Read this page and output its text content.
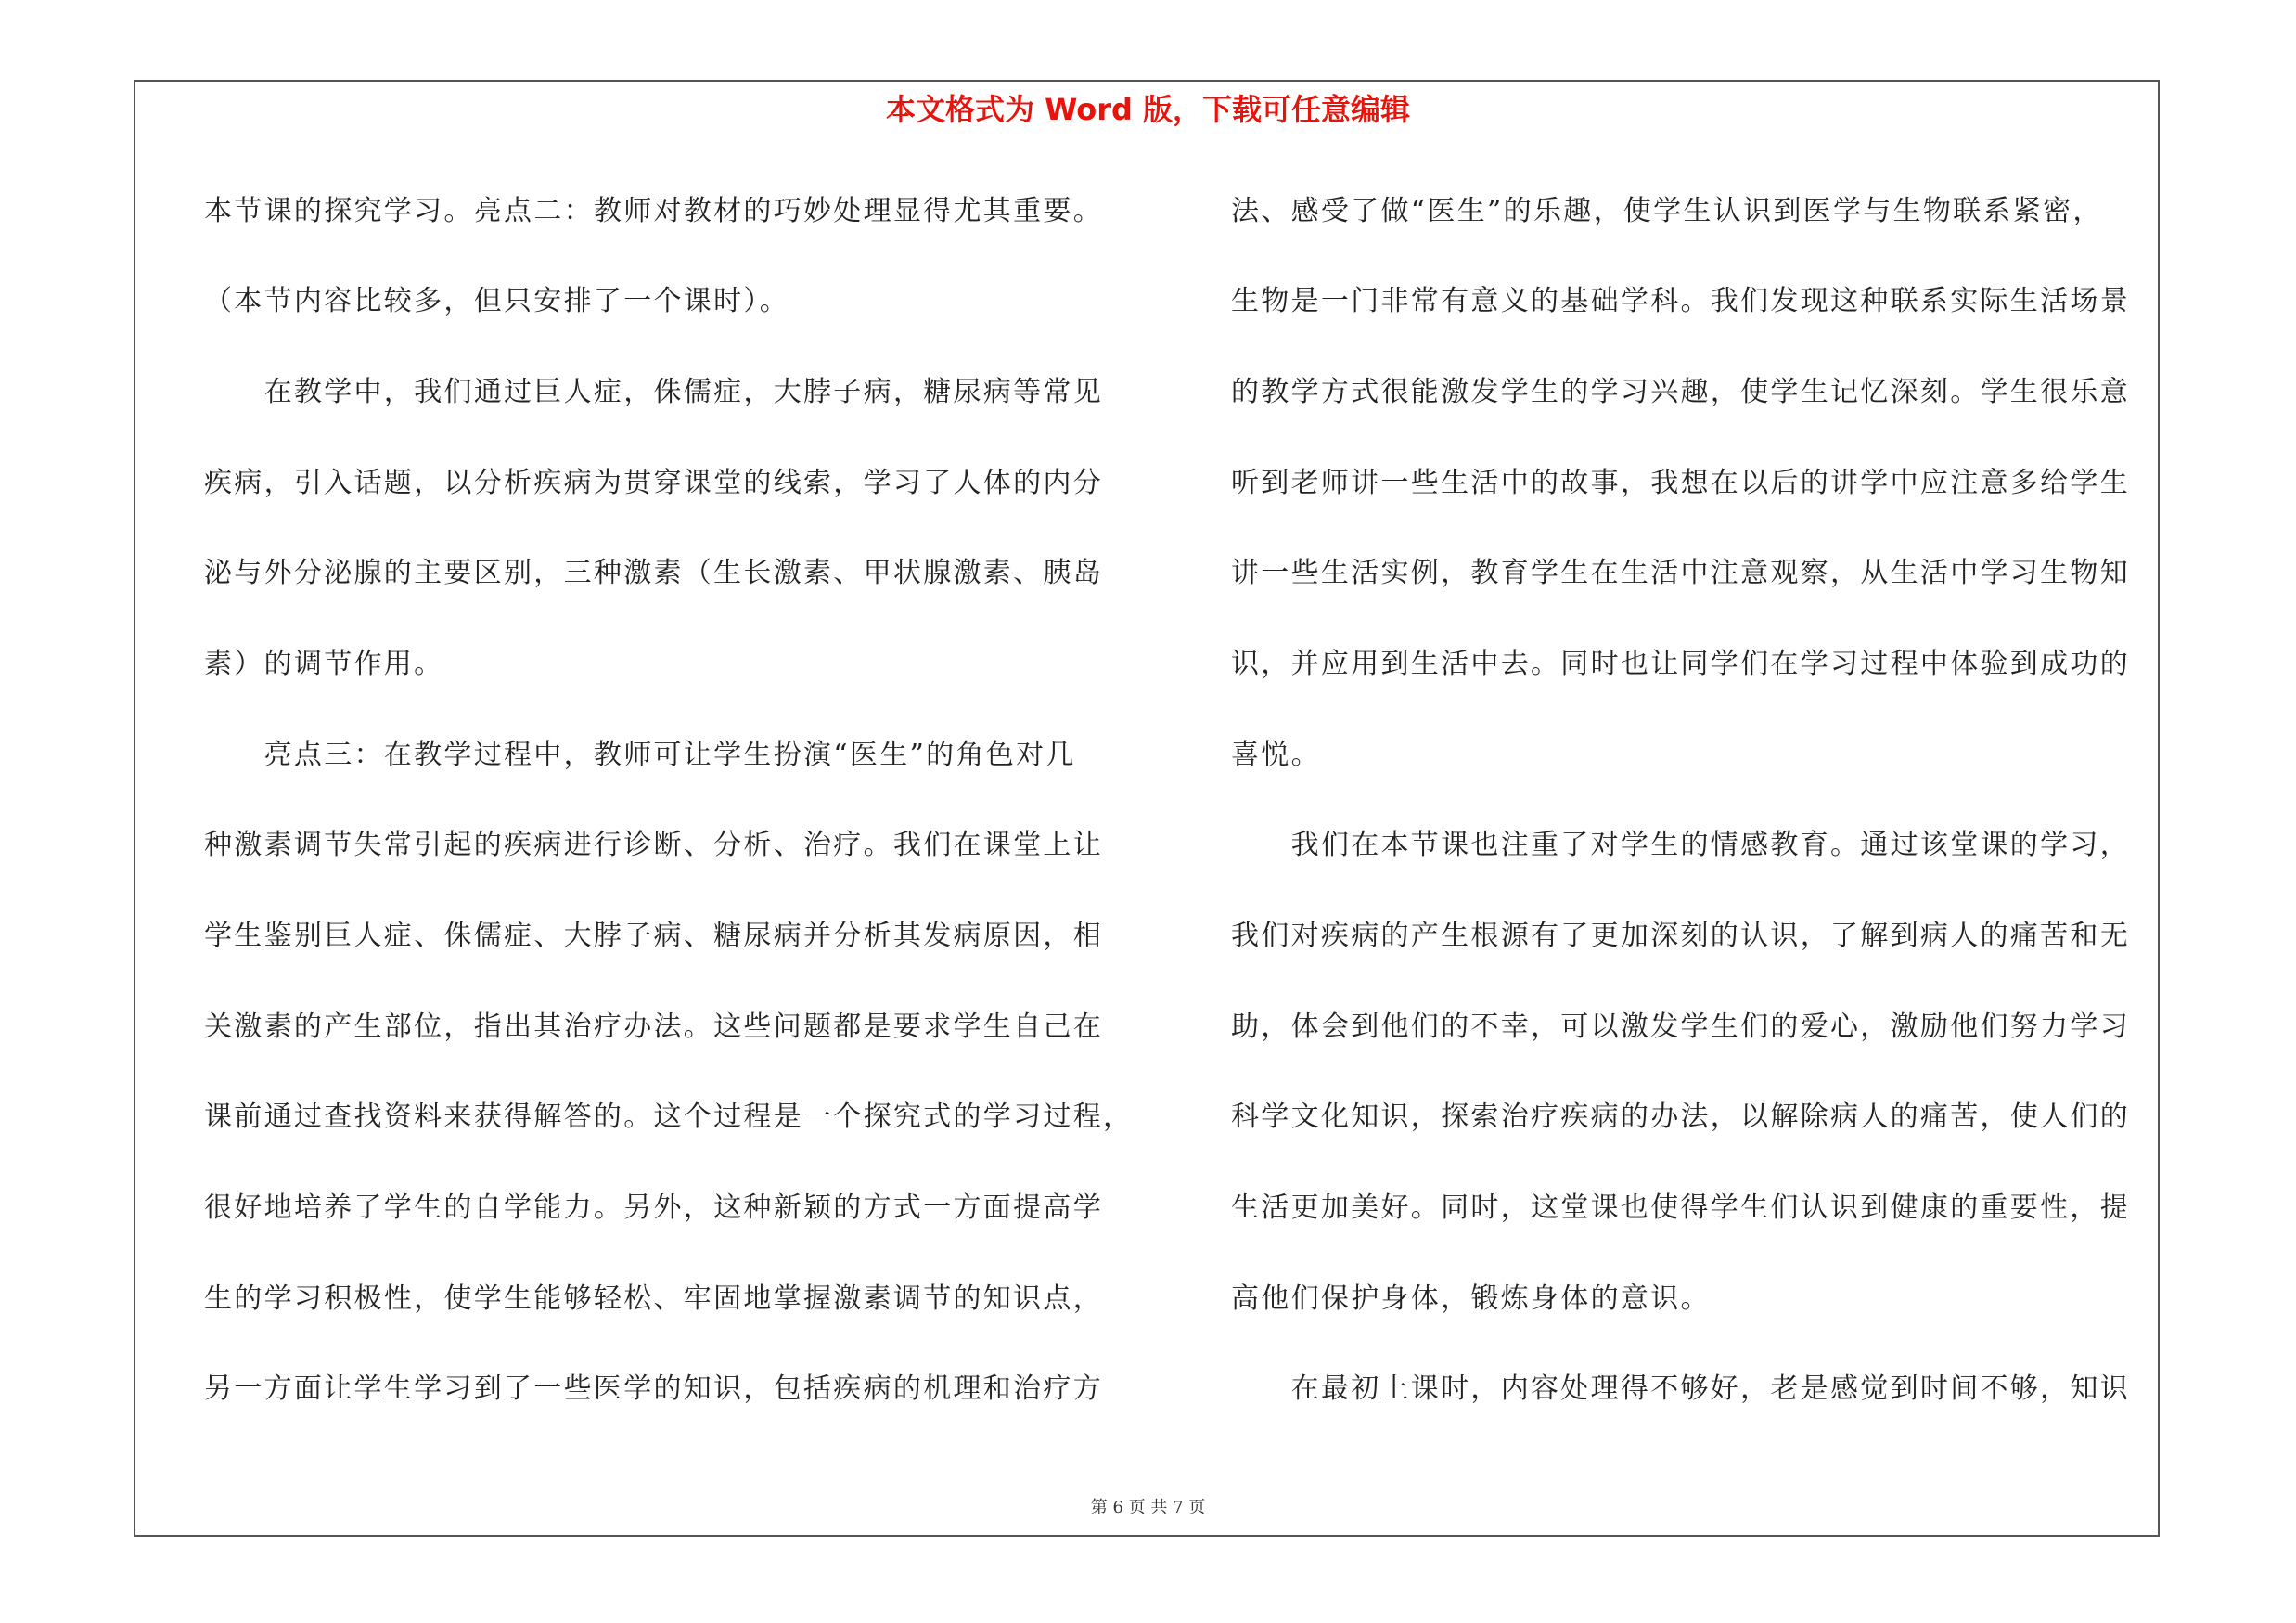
本文格式为 Word 版，下载可任意编辑
本节课的探究学习。亮点二：教师对教材的巧妙处理显得尤其重要。
（本节内容比较多，但只安排了一个课时）。
　　在教学中，我们通过巨人症，侏儒症，大脖子病，糖尿病等常见
疾病，引入话题，以分析疾病为贯穿课堂的线索，学习了人体的内分
泌与外分泌腺的主要区别，三种激素（生长激素、甲状腺激素、胰岛
素）的调节作用。
　　亮点三：在教学过程中，教师可让学生扮演“医生”的角色对几
种激素调节失常引起的疾病进行诊断、分析、治疗。我们在课堂上让
学生鉴别巨人症、侏儒症、大脖子病、糖尿病并分析其发病原因，相
关激素的产生部位，指出其治疗办法。这些问题都是要求学生自己在
课前通过查找资料来获得解答的。这个过程是一个探究式的学习过程，
很好地培养了学生的自学能力。另外，这种新颖的方式一方面提高学
生的学习积极性，使学生能够轻松、牢固地掌握激素调节的知识点，
另一方面让学生学习到了一些医学的知识，包括疾病的机理和治疗方
法、感受了做“医生”的乐趣，使学生认识到医学与生物联系紧密，
生物是一门非常有意义的基础学科。我们发现这种联系实际生活场景
的教学方式很能激发学生的学习兴趣，使学生记忆深刻。学生很乐意
听到老师讲一些生活中的故事，我想在以后的讲学中应注意多给学生
讲一些生活实例，教育学生在生活中注意观察，从生活中学习生物知
识，并应用到生活中去。同时也让同学们在学习过程中体验到成功的
喜悦。
　　我们在本节课也注重了对学生的情感教育。通过该堂课的学习，
我们对疾病的产生根源有了更加深刻的认识，了解到病人的痛苦和无
助，体会到他们的不幸，可以激发学生们的爱心，激励他们努力学习
科学文化知识，探索治疗疾病的办法，以解除病人的痛苦，使人们的
生活更加美好。同时，这堂课也使得学生们认识到健康的重要性，提
高他们保护身体，锻炼身体的意识。
　　在最初上课时，内容处理得不够好，老是感觉到时间不够，知识
第 6 页 共 7 页
